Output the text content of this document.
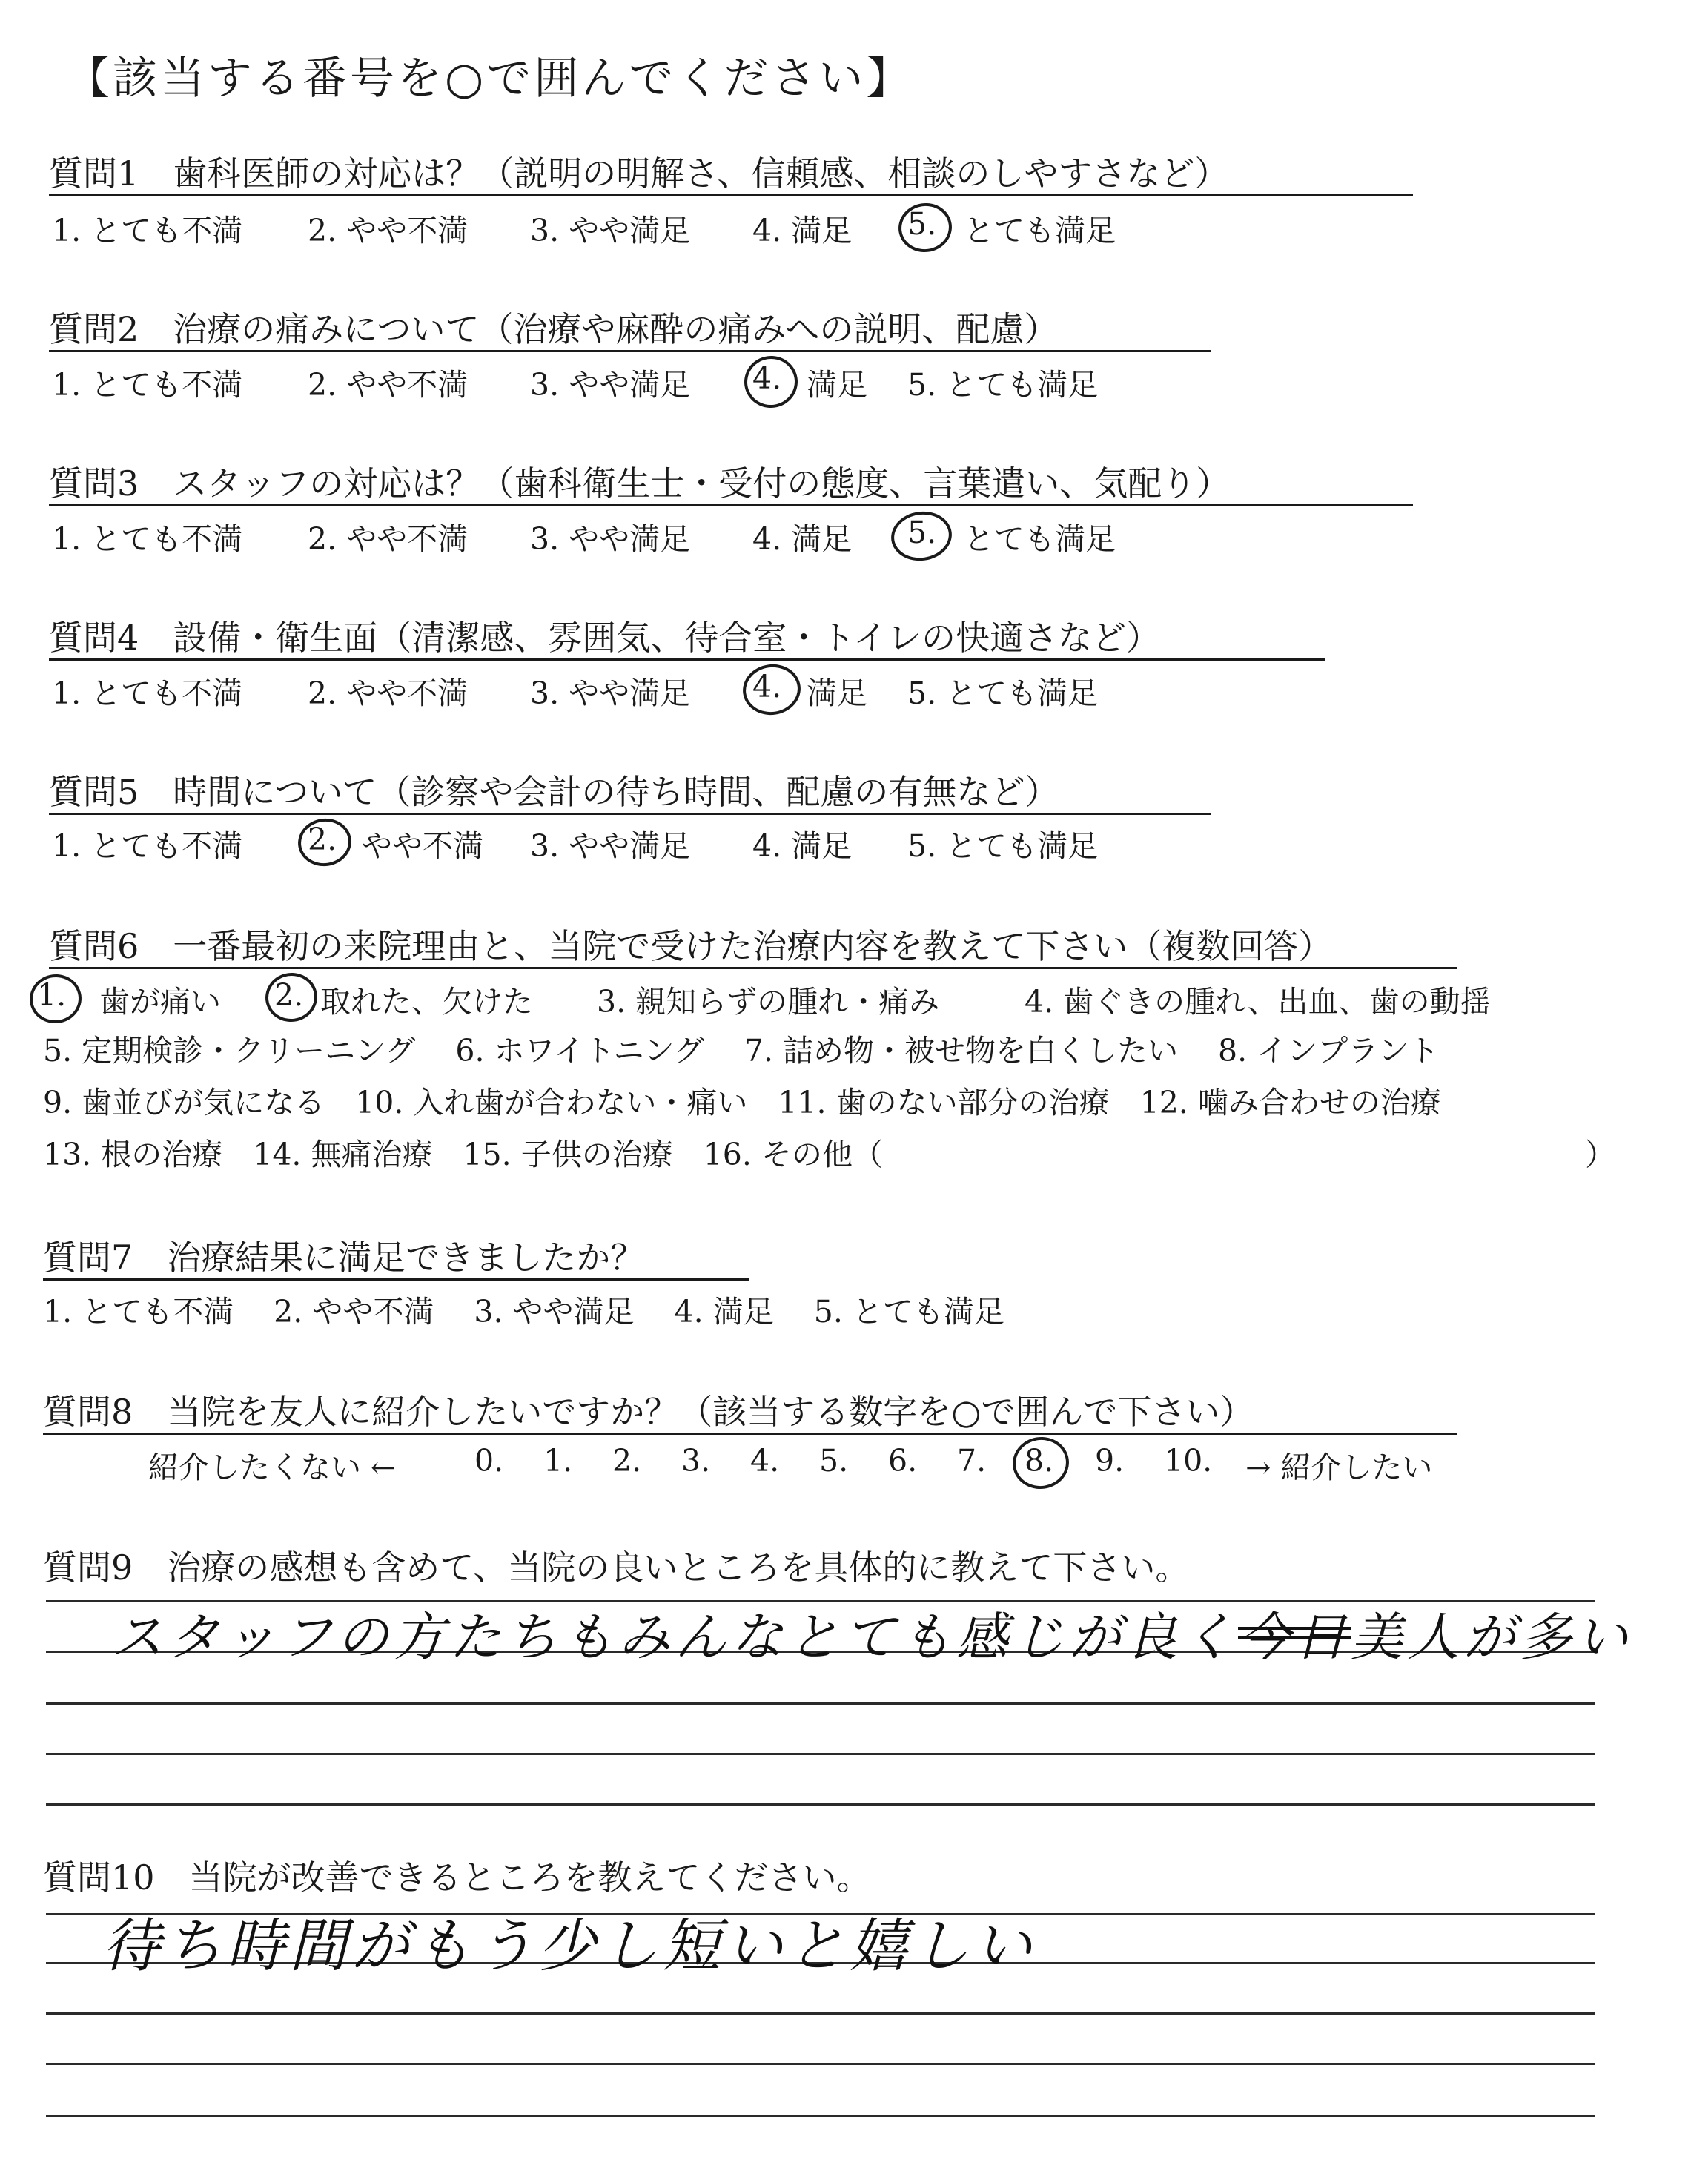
【該当する番号を○で囲んでください】
質問1　歯科医師の対応は？（説明の明解さ、信頼感、相談のしやすさなど）
1. とても不満 2. やや不満 3. やや満足 4. 満足 5. とても満足
質問2　治療の痛みについて（治療や麻酔の痛みへの説明、配慮）
1. とても不満 2. やや不満 3. やや満足 4. 満足 5. とても満足
質問3　スタッフの対応は？（歯科衛生士・受付の態度、言葉遣い、気配り）
1. とても不満 2. やや不満 3. やや満足 4. 満足 5. とても満足
質問4　設備・衛生面（清潔感、雰囲気、待合室・トイレの快適さなど）
1. とても不満 2. やや不満 3. やや満足 4. 満足 5. とても満足
質問5　時間について（診察や会計の待ち時間、配慮の有無など）
1. とても不満 2. やや不満 3. やや満足 4. 満足 5. とても満足
質問6　一番最初の来院理由と、当院で受けた治療内容を教えて下さい（複数回答）
1. 歯が痛い 2. 取れた、欠けた 3. 親知らずの腫れ・痛み	4. 歯ぐきの腫れ、出血、歯の動揺
5. 定期検診・クリーニング　 6. ホワイトニング　 7. 詰め物・被せ物を白くしたい　 8. インプラント
9. 歯並びが気になる　10. 入れ歯が合わない・痛い　11. 歯のない部分の治療　12. 噛み合わせの治療
13. 根の治療　14. 無痛治療　15. 子供の治療　16. その他（	）
質問7　治療結果に満足できましたか？
1. とても不満　 2. やや不満　 3. やや満足　 4. 満足　 5. とても満足
質問8　当院を友人に紹介したいですか？（該当する数字を○で囲んで下さい）
紹介したくない ←	0. 1. 2. 3. 4. 5. 6. 7. 8. 9. 10. → 紹介したい
質問9　治療の感想も含めて、当院の良いところを具体的に教えて下さい。
スタッフの方たちもみんなとても感じが良く 美人が多い
質問10　当院が改善できるところを教えてください。
待ち時間がもう少し短いと嬉しい
